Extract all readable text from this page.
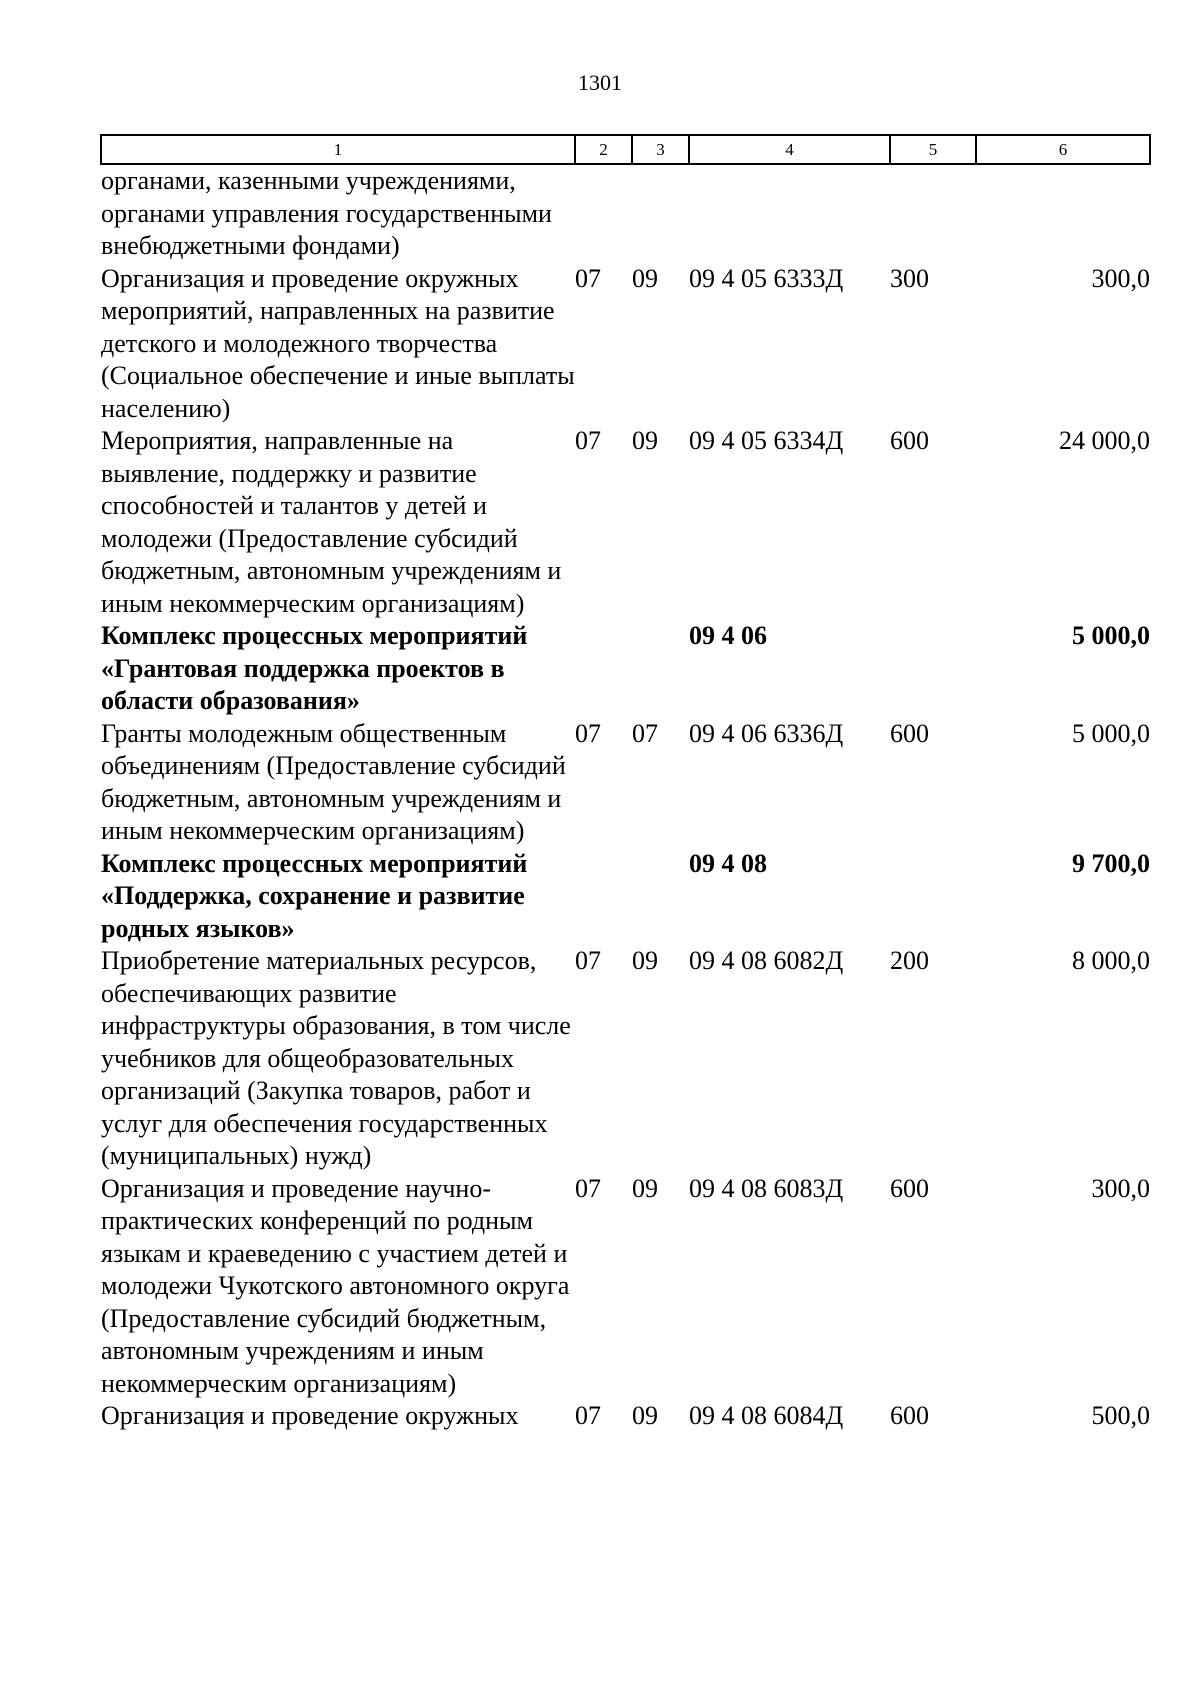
1301
1	2	3	4	5	6
органами, казенными учреждениями, органами управления государственными внебюджетными фондами)					
Организация и проведение окружных мероприятий, направленных на развитие детского и молодежного творчества (Социальное обеспечение и иные выплаты населению)	07	09	09 4 05 6333Д	300	300,0
Мероприятия, направленные на выявление, поддержку и развитие способностей и талантов у детей и молодежи (Предоставление субсидий бюджетным, автономным учреждениям и иным некоммерческим организациям)	07	09	09 4 05 6334Д	600	24 000,0
Комплекс процессных мероприятий «Грантовая поддержка проектов в области образования»			09 4 06		5 000,0
Гранты молодежным общественным объединениям (Предоставление субсидий бюджетным, автономным учреждениям и иным некоммерческим организациям)	07	07	09 4 06 6336Д	600	5 000,0
Комплекс процессных мероприятий «Поддержка, сохранение и развитие родных языков»			09 4 08		9 700,0
Приобретение материальных ресурсов, обеспечивающих развитие инфраструктуры образования, в том числе учебников для общеобразовательных организаций (Закупка товаров, работ и услуг для обеспечения государственных (муниципальных) нужд)	07	09	09 4 08 6082Д	200	8 000,0
Организация и проведение научно-практических конференций по родным языкам и краеведению с участием детей и молодежи Чукотского автономного округа (Предоставление субсидий бюджетным, автономным учреждениям и иным некоммерческим организациям)	07	09	09 4 08 6083Д	600	300,0
Организация и проведение окружных	07	09	09 4 08 6084Д	600	500,0
